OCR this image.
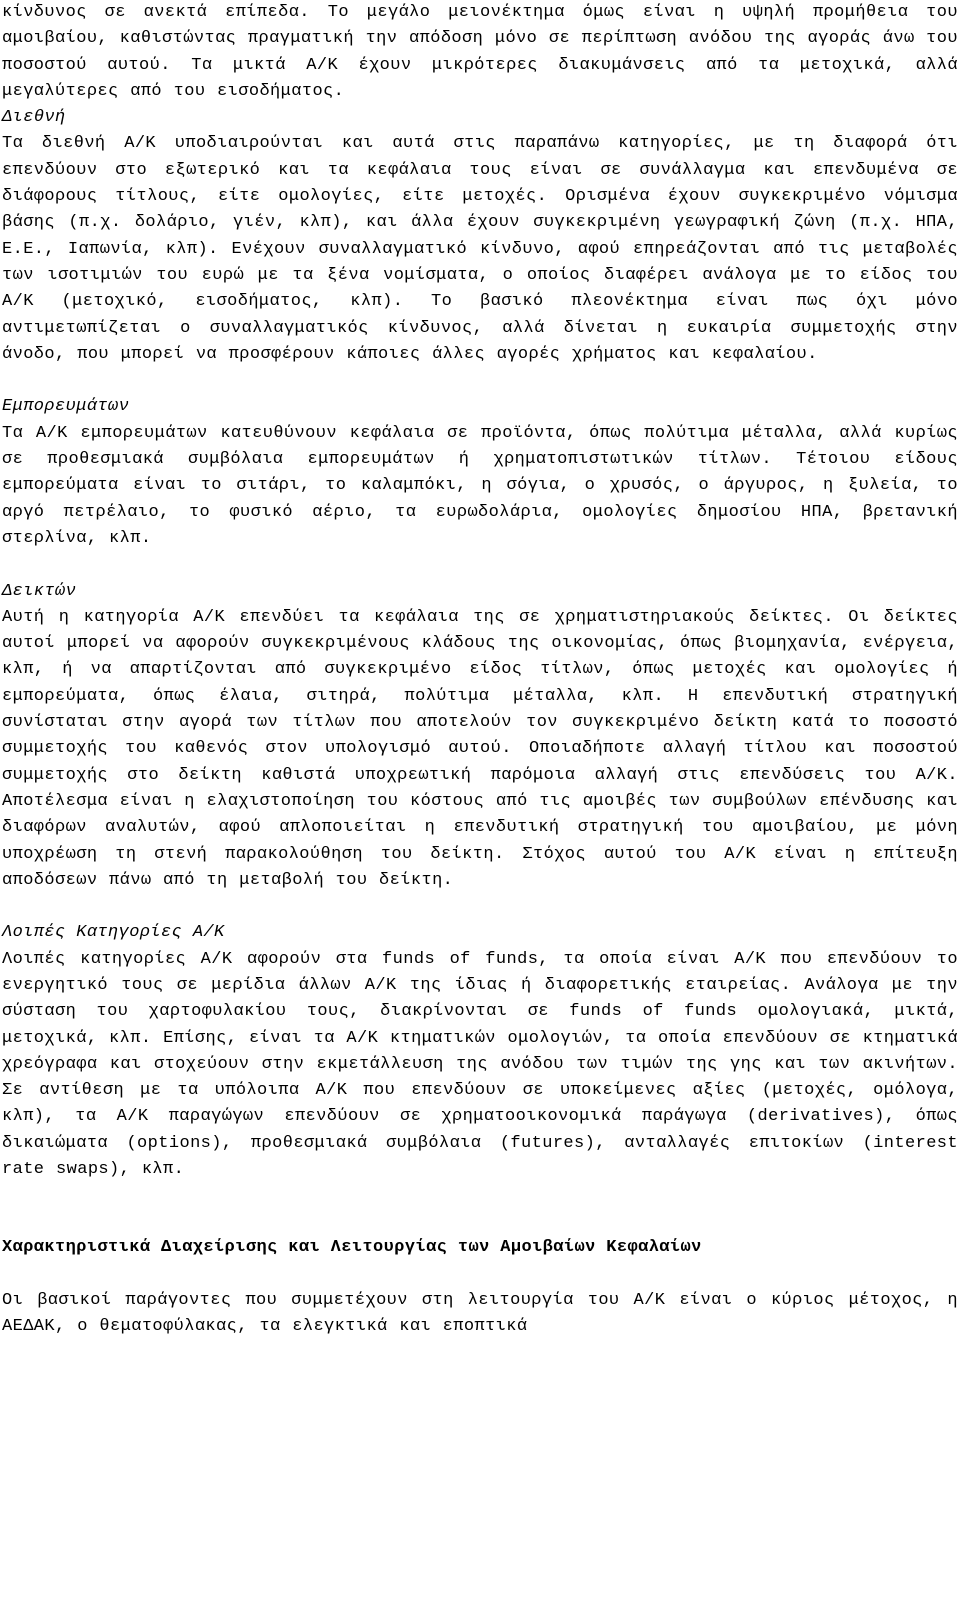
κίνδυνος σε ανεκτά επίπεδα. Το μεγάλο μειονέκτημα όμως είναι η υψηλή προμήθεια του αμοιβαίου, καθιστώντας πραγματική την απόδοση μόνο σε περίπτωση ανόδου της αγοράς άνω του ποσοστού αυτού. Τα μικτά Α/Κ έχουν μικρότερες διακυμάνσεις από τα μετοχικά, αλλά μεγαλύτερες από του εισοδήματος.

Διεθνή

Τα διεθνή Α/Κ υποδιαιρούνται και αυτά στις παραπάνω κατηγορίες, με τη διαφορά ότι επενδύουν στο εξωτερικό και τα κεφάλαια τους είναι σε συνάλλαγμα και επενδυμένα σε διάφορους τίτλους, είτε ομολογίες, είτε μετοχές. Ορισμένα έχουν συγκεκριμένο νόμισμα βάσης (π.χ. δολάριο, γιέν, κλπ), και άλλα έχουν συγκεκριμένη γεωγραφική ζώνη (π.χ. ΗΠΑ, Ε.Ε., Ιαπωνία, κλπ). Ενέχουν συναλλαγματικό κίνδυνο, αφού επηρεάζονται από τις μεταβολές των ισοτιμιών του ευρώ με τα ξένα νομίσματα, ο οποίος διαφέρει ανάλογα με το είδος του Α/Κ (μετοχικό, εισοδήματος, κλπ). Το βασικό πλεονέκτημα είναι πως όχι μόνο αντιμετωπίζεται ο συναλλαγματικός κίνδυνος, αλλά δίνεται η ευκαιρία συμμετοχής στην άνοδο, που μπορεί να προσφέρουν κάποιες άλλες αγορές χρήματος και κεφαλαίου.

Εμπορευμάτων

Τα Α/Κ εμπορευμάτων κατευθύνουν κεφάλαια σε προϊόντα, όπως πολύτιμα μέταλλα, αλλά κυρίως σε προθεσμιακά συμβόλαια εμπορευμάτων ή χρηματοπιστωτικών τίτλων. Τέτοιου είδους εμπορεύματα είναι το σιτάρι, το καλαμπόκι, η σόγια, ο χρυσός, ο άργυρος, η ξυλεία, το αργό πετρέλαιο, το φυσικό αέριο, τα ευρωδολάρια, ομολογίες δημοσίου ΗΠΑ, βρετανική στερλίνα, κλπ.

Δεικτών

Αυτή η κατηγορία Α/Κ επενδύει τα κεφάλαια της σε χρηματιστηριακούς δείκτες. Οι δείκτες αυτοί μπορεί να αφορούν συγκεκριμένους κλάδους της οικονομίας, όπως βιομηχανία, ενέργεια, κλπ, ή να απαρτίζονται από συγκεκριμένο είδος τίτλων, όπως μετοχές και ομολογίες ή εμπορεύματα, όπως έλαια, σιτηρά, πολύτιμα μέταλλα, κλπ. Η επενδυτική στρατηγική συνίσταται στην αγορά των τίτλων που αποτελούν τον συγκεκριμένο δείκτη κατά το ποσοστό συμμετοχής του καθενός στον υπολογισμό αυτού. Οποιαδήποτε αλλαγή τίτλου και ποσοστού συμμετοχής στο δείκτη καθιστά υποχρεωτική παρόμοια αλλαγή στις επενδύσεις του Α/Κ. Αποτέλεσμα είναι η ελαχιστοποίηση του κόστους από τις αμοιβές των συμβούλων επένδυσης και διαφόρων αναλυτών, αφού απλοποιείται η επενδυτική στρατηγική του αμοιβαίου, με μόνη υποχρέωση τη στενή παρακολούθηση του δείκτη. Στόχος αυτού του Α/Κ είναι η επίτευξη αποδόσεων πάνω από τη μεταβολή του δείκτη.

Λοιπές Κατηγορίες Α/Κ

Λοιπές κατηγορίες Α/Κ αφορούν στα funds of funds, τα οποία είναι Α/Κ που επενδύουν το ενεργητικό τους σε μερίδια άλλων Α/Κ της ίδιας ή διαφορετικής εταιρείας. Ανάλογα με την σύσταση του χαρτοφυλακίου τους, διακρίνονται σε funds of funds ομολογιακά, μικτά, μετοχικά, κλπ. Επίσης, είναι τα Α/Κ κτηματικών ομολογιών, τα οποία επενδύουν σε κτηματικά χρεόγραφα και στοχεύουν στην εκμετάλλευση της ανόδου των τιμών της γης και των ακινήτων. Σε αντίθεση με τα υπόλοιπα Α/Κ που επενδύουν σε υποκείμενες αξίες (μετοχές, ομόλογα, κλπ), τα Α/Κ παραγώγων επενδύουν σε χρηματοοικονομικά παράγωγα (derivatives), όπως δικαιώματα (options), προθεσμιακά συμβόλαια (futures), ανταλλαγές επιτοκίων (interest rate swaps), κλπ.

Χαρακτηριστικά Διαχείρισης και Λειτουργίας των Αμοιβαίων Κεφαλαίων

Οι βασικοί παράγοντες που συμμετέχουν στη λειτουργία του Α/Κ είναι ο κύριος μέτοχος, η ΑΕΔΑΚ, ο θεματοφύλακας, τα ελεγκτικά και εποπτικά
